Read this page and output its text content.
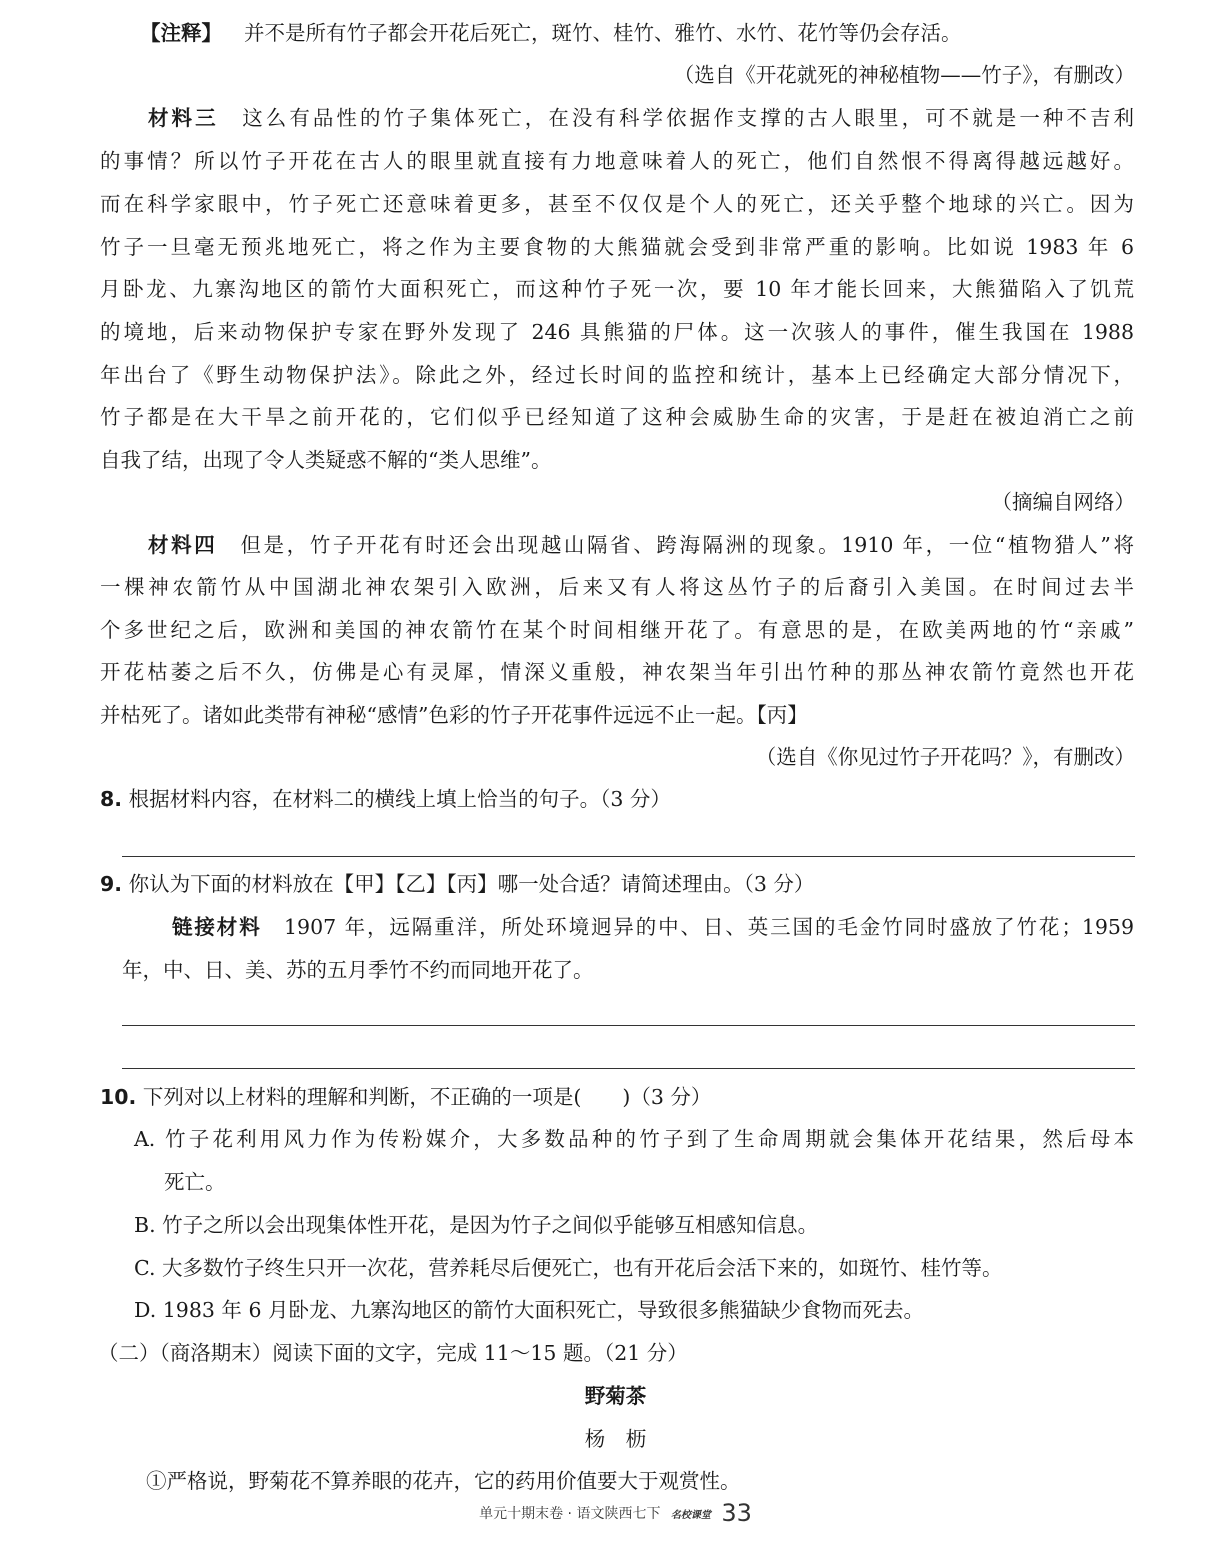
【注释】 并不是所有竹子都会开花后死亡，斑竹、桂竹、雅竹、水竹、花竹等仍会存活。
（选自《开花就死的神秘植物——竹子》，有删改）
材料三　 这么有品性的竹子集体死亡，在没有科学依据作支撑的古人眼里，可不就是一种不吉利
的事情？所以竹子开花在古人的眼里就直接有力地意味着人的死亡，他们自然恨不得离得越远越好。
而在科学家眼中，竹子死亡还意味着更多，甚至不仅仅是个人的死亡，还关乎整个地球的兴亡。因为
竹子一旦毫无预兆地死亡，将之作为主要食物的大熊猫就会受到非常严重的影响。比如说 1983 年 6
月卧龙、九寨沟地区的箭竹大面积死亡，而这种竹子死一次，要 10 年才能长回来，大熊猫陷入了饥荒
的境地，后来动物保护专家在野外发现了 246 具熊猫的尸体。这一次骇人的事件，催生我国在 1988
年出台了《野生动物保护法》。除此之外，经过长时间的监控和统计，基本上已经确定大部分情况下，
竹子都是在大干旱之前开花的，它们似乎已经知道了这种会威胁生命的灾害，于是赶在被迫消亡之前
自我了结，出现了令人类疑惑不解的“类人思维”。
（摘编自网络）
材料四　 但是，竹子开花有时还会出现越山隔省、跨海隔洲的现象。1910 年，一位“植物猎人”将
一棵神农箭竹从中国湖北神农架引入欧洲，后来又有人将这丛竹子的后裔引入美国。在时间过去半
个多世纪之后，欧洲和美国的神农箭竹在某个时间相继开花了。有意思的是，在欧美两地的竹“亲戚”
开花枯萎之后不久，仿佛是心有灵犀，情深义重般，神农架当年引出竹种的那丛神农箭竹竟然也开花
并枯死了。诸如此类带有神秘“感情”色彩的竹子开花事件远远不止一起。【丙】
（选自《你见过竹子开花吗？》，有删改）
8. 根据材料内容，在材料二的横线上填上恰当的句子。（3 分）
9. 你认为下面的材料放在【甲】【乙】【丙】哪一处合适？请简述理由。（3 分）
链接材料　 1907 年，远隔重洋，所处环境迥异的中、日、英三国的毛金竹同时盛放了竹花；1959
年，中、日、美、苏的五月季竹不约而同地开花了。
10. 下列对以上材料的理解和判断，不正确的一项是(　　)（3 分）
A. 竹子花利用风力作为传粉媒介，大多数品种的竹子到了生命周期就会集体开花结果，然后母本
死亡。
B. 竹子之所以会出现集体性开花，是因为竹子之间似乎能够互相感知信息。
C. 大多数竹子终生只开一次花，营养耗尽后便死亡，也有开花后会活下来的，如斑竹、桂竹等。
D. 1983 年 6 月卧龙、九寨沟地区的箭竹大面积死亡，导致很多熊猫缺少食物而死去。
（二）（商洛期末）阅读下面的文字，完成 11～15 题。（21 分）
野菊茶
杨　枥
①严格说，野菊花不算养眼的花卉，它的药用价值要大于观赏性。
单元十期末卷 · 语文陕西七下 名校课堂 33
